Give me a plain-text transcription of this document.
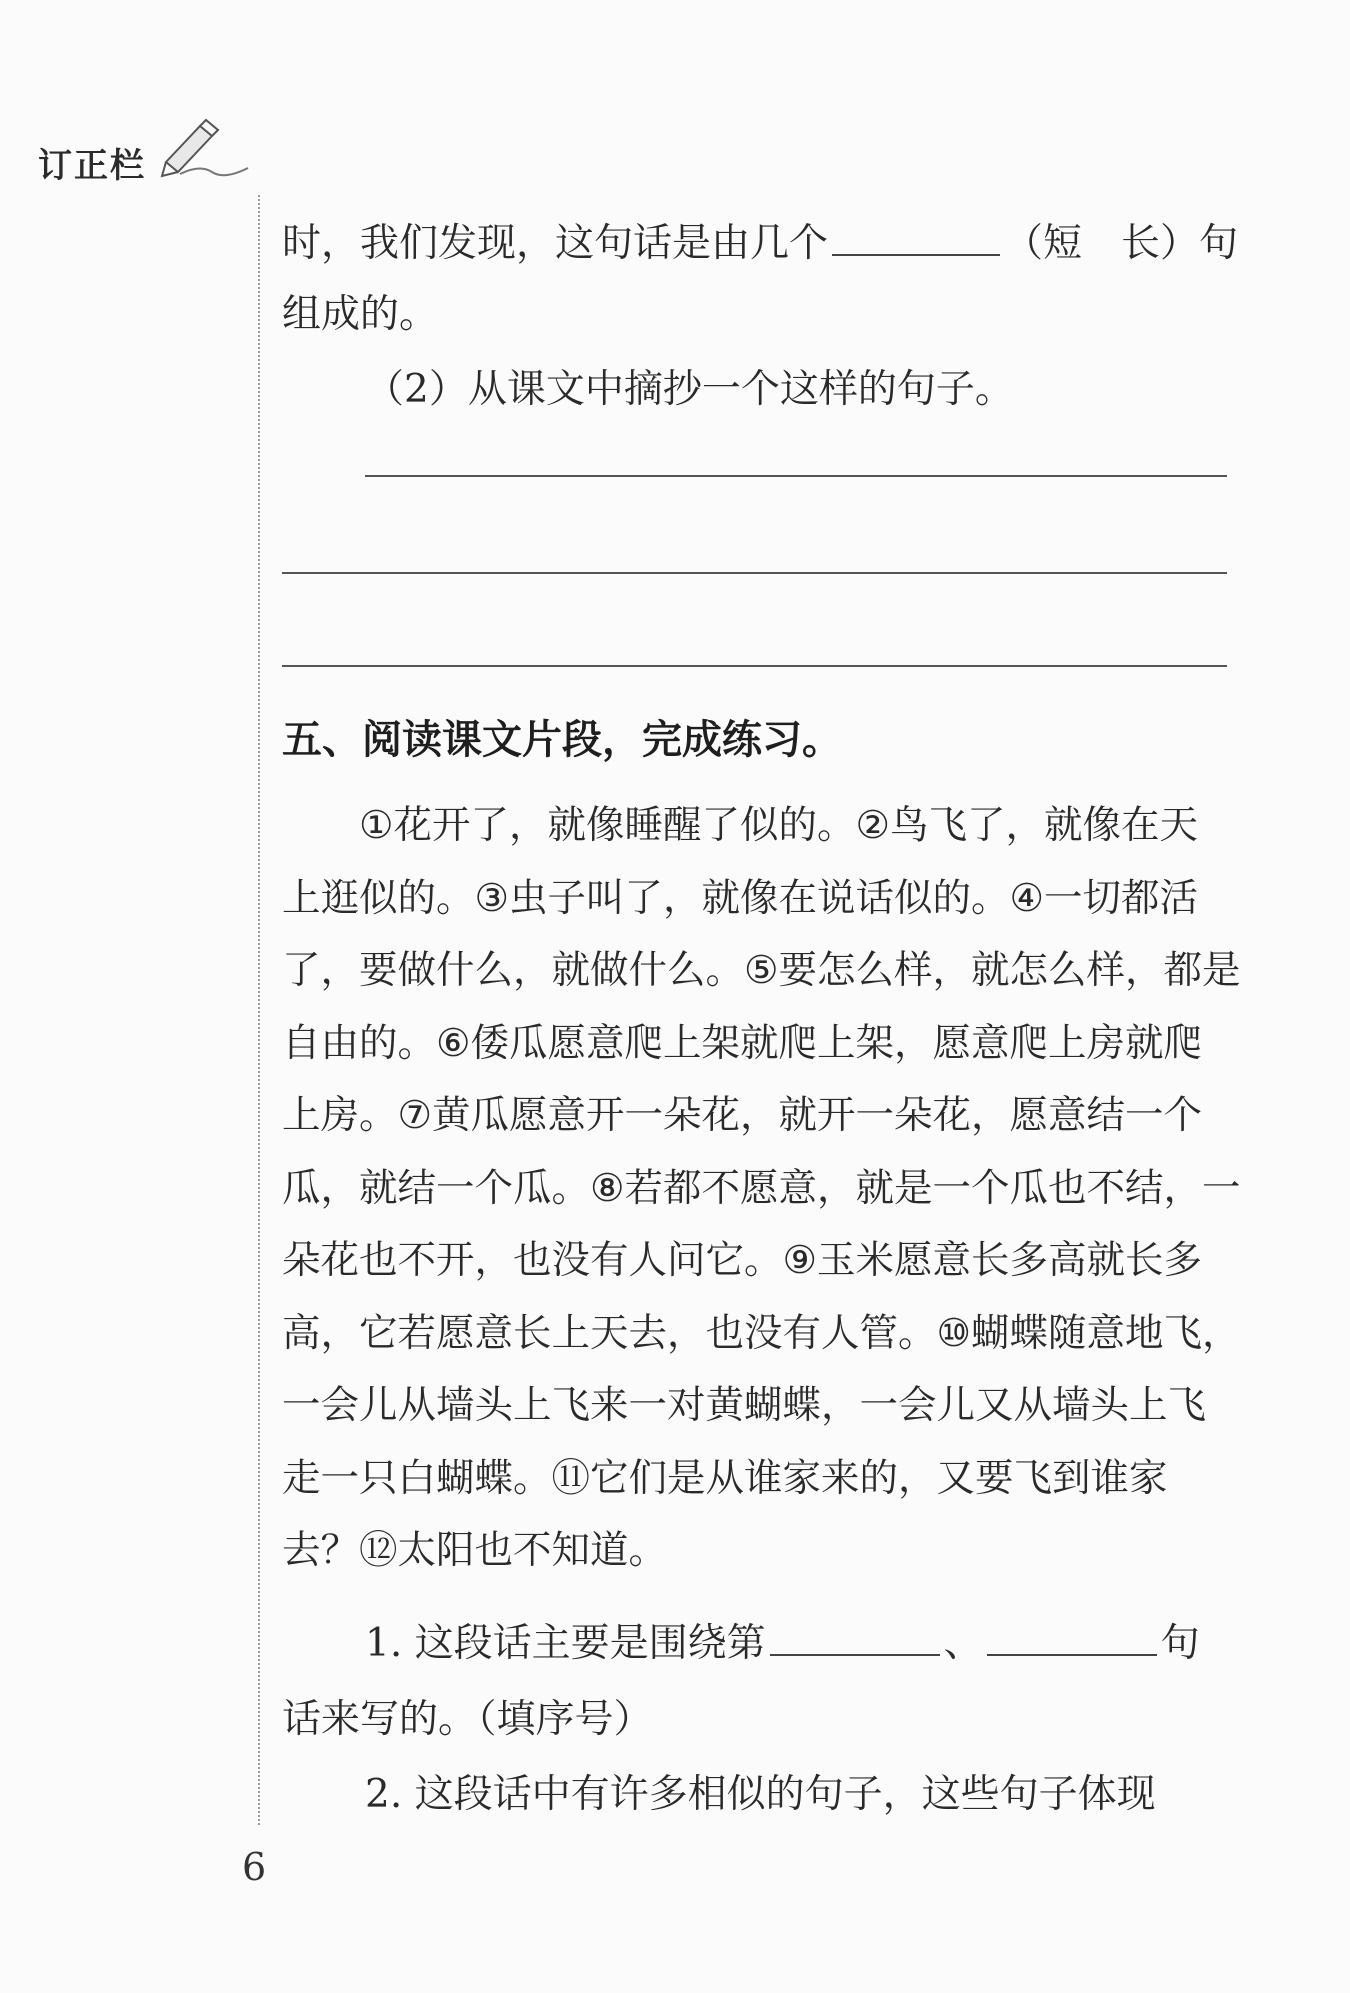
订正栏
时，我们发现，这句话是由几个	（短　长）句
组成的。
（2）从课文中摘抄一个这样的句子。
五、阅读课文片段，完成练习。
　　①花开了，就像睡醒了似的。②鸟飞了，就像在天
上逛似的。③虫子叫了，就像在说话似的。④一切都活
了，要做什么，就做什么。⑤要怎么样，就怎么样，都是
自由的。⑥倭瓜愿意爬上架就爬上架，愿意爬上房就爬
上房。⑦黄瓜愿意开一朵花，就开一朵花，愿意结一个
瓜，就结一个瓜。⑧若都不愿意，就是一个瓜也不结，一
朵花也不开，也没有人问它。⑨玉米愿意长多高就长多
高，它若愿意长上天去，也没有人管。⑩蝴蝶随意地飞，
一会儿从墙头上飞来一对黄蝴蝶，一会儿又从墙头上飞
走一只白蝴蝶。⑪它们是从谁家来的，又要飞到谁家
去？⑫太阳也不知道。
1. 这段话主要是围绕第	、	句
话来写的。（填序号）
2. 这段话中有许多相似的句子，这些句子体现
6
